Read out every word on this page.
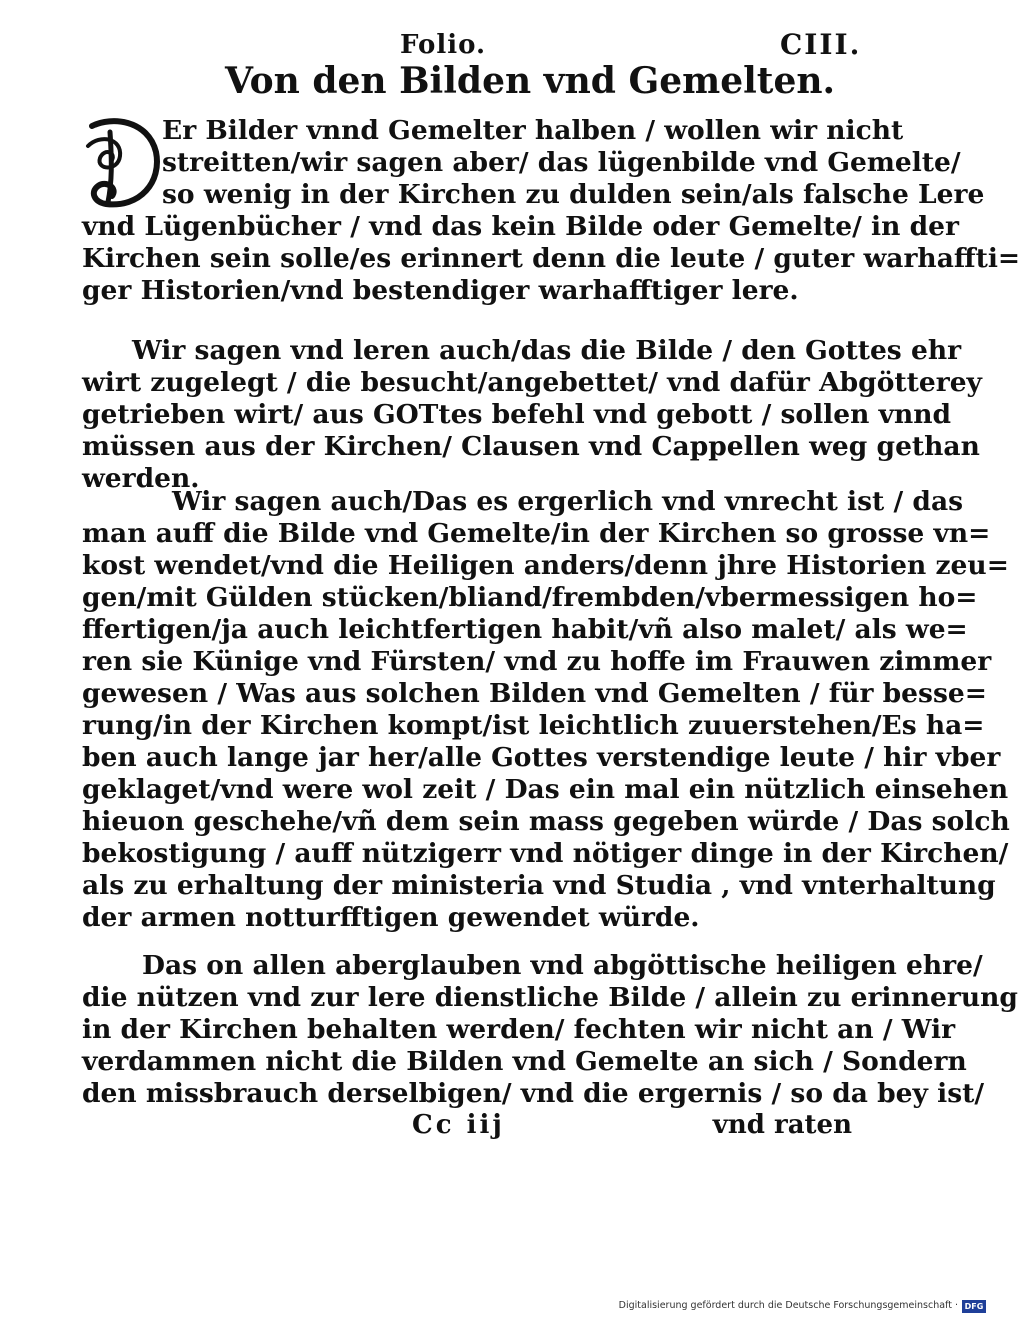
Folio.	CIII.
Von den Bilden vnd Gemelten.
Er Bilder vnnd Gemelter halben / wollen wir nicht
streitten/wir sagen aber/ das lügenbilde vnd Gemelte/
so wenig in der Kirchen zu dulden sein/als falsche Lere
vnd Lügenbücher / vnd das kein Bilde oder Gemelte/ in der
Kirchen sein solle/es erinnert denn die leute / guter warhaffti=
ger Historien/vnd bestendiger warhafftiger lere.
Wir sagen vnd leren auch/das die Bilde / den Gottes ehr
wirt zugelegt / die besucht/angebettet/ vnd dafür Abgötterey
getrieben wirt/ aus GOTtes befehl vnd gebott / sollen vnnd
müssen aus der Kirchen/ Clausen vnd Cappellen weg gethan
werden.
Wir sagen auch/Das es ergerlich vnd vnrecht ist / das
man auff die Bilde vnd Gemelte/in der Kirchen so grosse vn=
kost wendet/vnd die Heiligen anders/denn jhre Historien zeu=
gen/mit Gülden stücken/bliand/frembden/vbermessigen ho=
ffertigen/ja auch leichtfertigen habit/vñ also malet/ als we=
ren sie Künige vnd Fürsten/ vnd zu hoffe im Frauwen zimmer
gewesen / Was aus solchen Bilden vnd Gemelten / für besse=
rung/in der Kirchen kompt/ist leichtlich zuuerstehen/Es ha=
ben auch lange jar her/alle Gottes verstendige leute / hir vber
geklaget/vnd were wol zeit / Das ein mal ein nützlich einsehen
hieuon geschehe/vñ dem sein mass gegeben würde / Das solch
bekostigung / auff nützigerr vnd nötiger dinge in der Kirchen/
als zu erhaltung der ministeria vnd Studia , vnd vnterhaltung
der armen notturfftigen gewendet würde.
Das on allen aberglauben vnd abgöttische heiligen ehre/
die nützen vnd zur lere dienstliche Bilde / allein zu erinnerung
in der Kirchen behalten werden/ fechten wir nicht an / Wir
verdammen nicht die Bilden vnd Gemelte an sich / Sondern
den missbrauch derselbigen/ vnd die ergernis / so da bey ist/
Cc iij	vnd raten
Digitalisierung gefördert durch die Deutsche Forschungsgemeinschaft · DFG
